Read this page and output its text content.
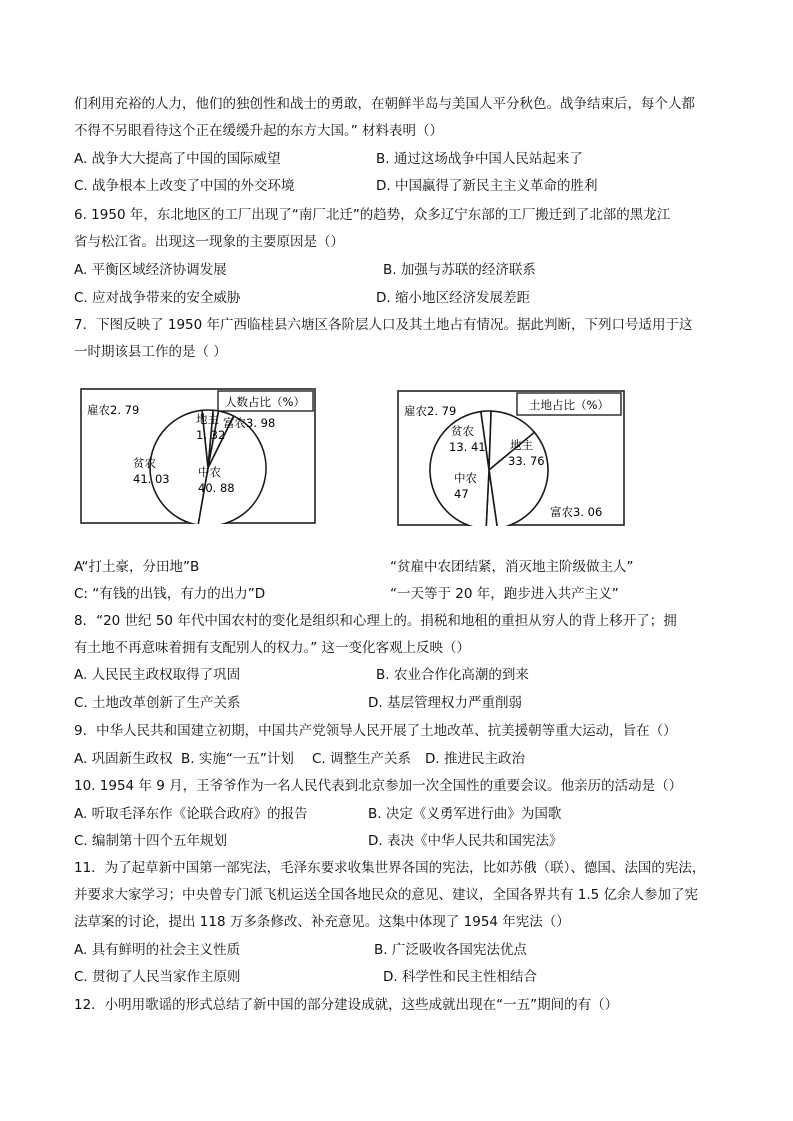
们利用充裕的人力，他们的独创性和战士的勇敢，在朝鲜半岛与美国人平分秋色。战争结束后，每个人都
不得不另眼看待这个正在缓缓升起的东方大国。” 材料表明（）
A. 战争大大提高了中国的国际威望	B. 通过这场战争中国人民站起来了
C. 战争根本上改变了中国的外交环境	D. 中国赢得了新民主主义革命的胜利
6. 1950 年，东北地区的工厂出现了“南厂北迁”的趋势，众多辽宁东部的工厂搬迁到了北部的黑龙江
省与松江省。出现这一现象的主要原因是（）
A. 平衡区域经济协调发展	B. 加强与苏联的经济联系
C. 应对战争带来的安全威胁	D. 缩小地区经济发展差距
7．下图反映了 1950 年广西临桂县六塘区各阶层人口及其土地占有情况。据此判断，下列口号适用于这
一时期该县工作的是（ ）
人数占比（%）
雇农2. 79
地主
1. 32
富农3. 98
中农
40. 88
贫农
41. 03
土地占比（%）
雇农2. 79
贫农
13. 41 地主
33. 76
富农3. 06
中农
47
A“打土豪，分田地”B	“贫雇中农团结紧，消灭地主阶级做主人”
C: “有钱的出钱，有力的出力”D	“一天等于 20 年，跑步进入共产主义”
8．“20 世纪 50 年代中国农村的变化是组织和心理上的。捐税和地租的重担从穷人的背上移开了；拥
有土地不再意味着拥有支配别人的权力。” 这一变化客观上反映（）
A. 人民民主政权取得了巩固	B. 农业合作化高潮的到来
C. 土地改革创新了生产关系	D. 基层管理权力严重削弱
9．中华人民共和国建立初期，中国共产党领导人民开展了土地改革、抗美援朝等重大运动，旨在（）
A. 巩固新生政权 B. 实施“一五”计划 C. 调整生产关系 D. 推进民主政治
10. 1954 年 9 月，王爷爷作为一名人民代表到北京参加一次全国性的重要会议。他亲历的活动是（）
A. 听取毛泽东作《论联合政府》的报告	B. 决定《义勇军进行曲》为国歌
C. 编制第十四个五年规划	D. 表决《中华人民共和国宪法》
11．为了起草新中国第一部宪法，毛泽东要求收集世界各国的宪法，比如苏俄（联）、德国、法国的宪法，
并要求大家学习；中央曾专门派飞机运送全国各地民众的意见、建议，全国各界共有 1.5 亿余人参加了宪
法草案的讨论，提出 118 万多条修改、补充意见。这集中体现了 1954 年宪法（）
A. 具有鲜明的社会主义性质	B. 广泛吸收各国宪法优点
C. 贯彻了人民当家作主原则	D. 科学性和民主性相结合
12．小明用歌谣的形式总结了新中国的部分建设成就，这些成就出现在“一五”期间的有（）
